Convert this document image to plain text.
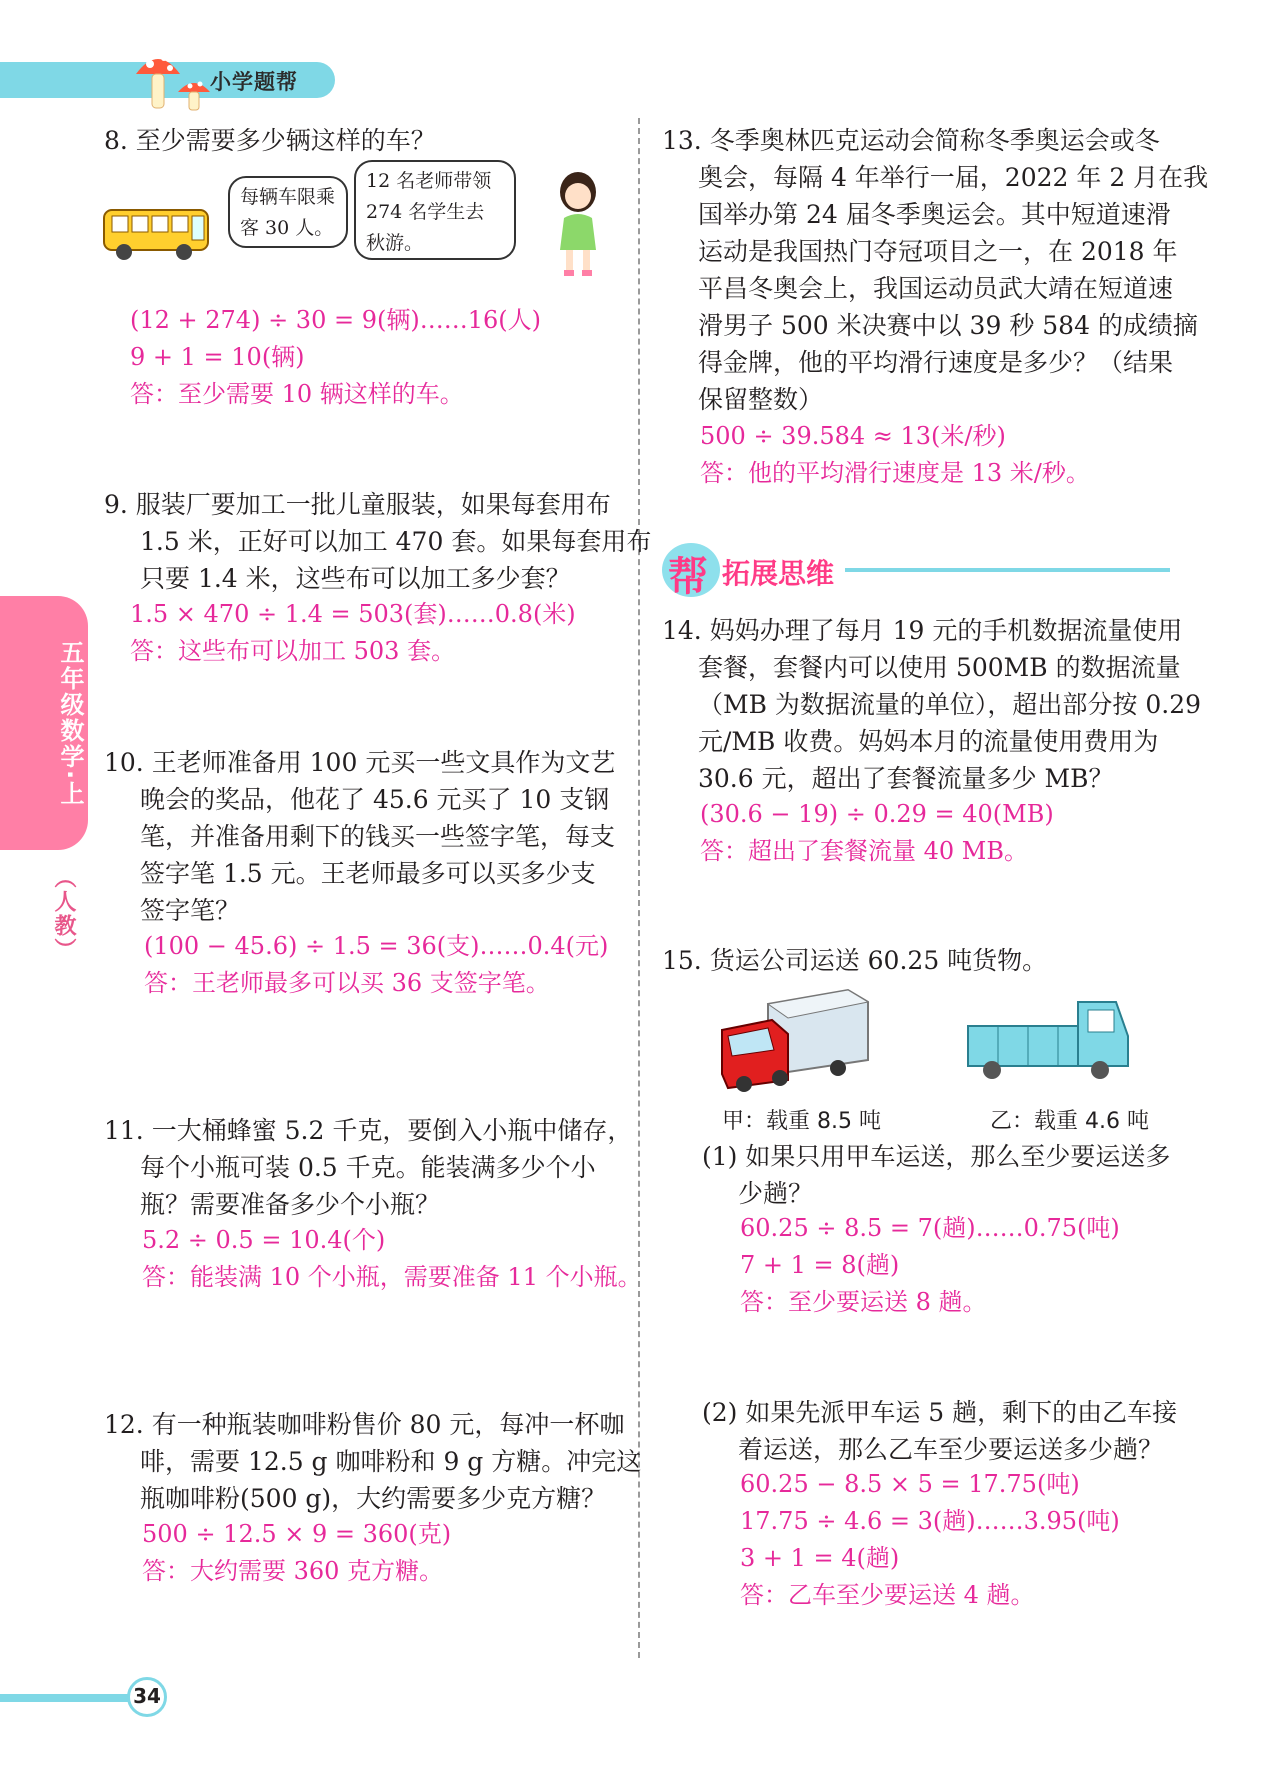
小学题帮
五年级数学·上
（人教）
8. 至少需要多少辆这样的车？
每辆车限乘
客 30 人。
12 名老师带领
274 名学生去
秋游。
(12 + 274) ÷ 30 = 9(辆)……16(人)
9 + 1 = 10(辆)
答：至少需要 10 辆这样的车。
9. 服装厂要加工一批儿童服装，如果每套用布
1.5 米，正好可以加工 470 套。如果每套用布
只要 1.4 米，这些布可以加工多少套？
1.5 × 470 ÷ 1.4 = 503(套)……0.8(米)
答：这些布可以加工 503 套。
10. 王老师准备用 100 元买一些文具作为文艺
晚会的奖品，他花了 45.6 元买了 10 支钢
笔，并准备用剩下的钱买一些签字笔，每支
签字笔 1.5 元。王老师最多可以买多少支
签字笔？
(100 − 45.6) ÷ 1.5 = 36(支)……0.4(元)
答：王老师最多可以买 36 支签字笔。
11. 一大桶蜂蜜 5.2 千克，要倒入小瓶中储存，
每个小瓶可装 0.5 千克。能装满多少个小
瓶？需要准备多少个小瓶？
5.2 ÷ 0.5 = 10.4(个)
答：能装满 10 个小瓶，需要准备 11 个小瓶。
12. 有一种瓶装咖啡粉售价 80 元，每冲一杯咖
啡，需要 12.5 g 咖啡粉和 9 g 方糖。冲完这
瓶咖啡粉(500 g)，大约需要多少克方糖？
500 ÷ 12.5 × 9 = 360(克)
答：大约需要 360 克方糖。
13. 冬季奥林匹克运动会简称冬季奥运会或冬
奥会，每隔 4 年举行一届，2022 年 2 月在我
国举办第 24 届冬季奥运会。其中短道速滑
运动是我国热门夺冠项目之一，在 2018 年
平昌冬奥会上，我国运动员武大靖在短道速
滑男子 500 米决赛中以 39 秒 584 的成绩摘
得金牌，他的平均滑行速度是多少？（结果
保留整数）
500 ÷ 39.584 ≈ 13(米/秒)
答：他的平均滑行速度是 13 米/秒。
帮 拓展思维
14. 妈妈办理了每月 19 元的手机数据流量使用
套餐，套餐内可以使用 500MB 的数据流量
（MB 为数据流量的单位），超出部分按 0.29
元/MB 收费。妈妈本月的流量使用费用为
30.6 元，超出了套餐流量多少 MB？
(30.6 − 19) ÷ 0.29 = 40(MB)
答：超出了套餐流量 40 MB。
15. 货运公司运送 60.25 吨货物。
甲：载重 8.5 吨	乙：载重 4.6 吨
(1) 如果只用甲车运送，那么至少要运送多
少趟？
60.25 ÷ 8.5 = 7(趟)……0.75(吨)
7 + 1 = 8(趟)
答：至少要运送 8 趟。
(2) 如果先派甲车运 5 趟，剩下的由乙车接
着运送，那么乙车至少要运送多少趟？
60.25 − 8.5 × 5 = 17.75(吨)
17.75 ÷ 4.6 = 3(趟)……3.95(吨)
3 + 1 = 4(趟)
答：乙车至少要运送 4 趟。
34
